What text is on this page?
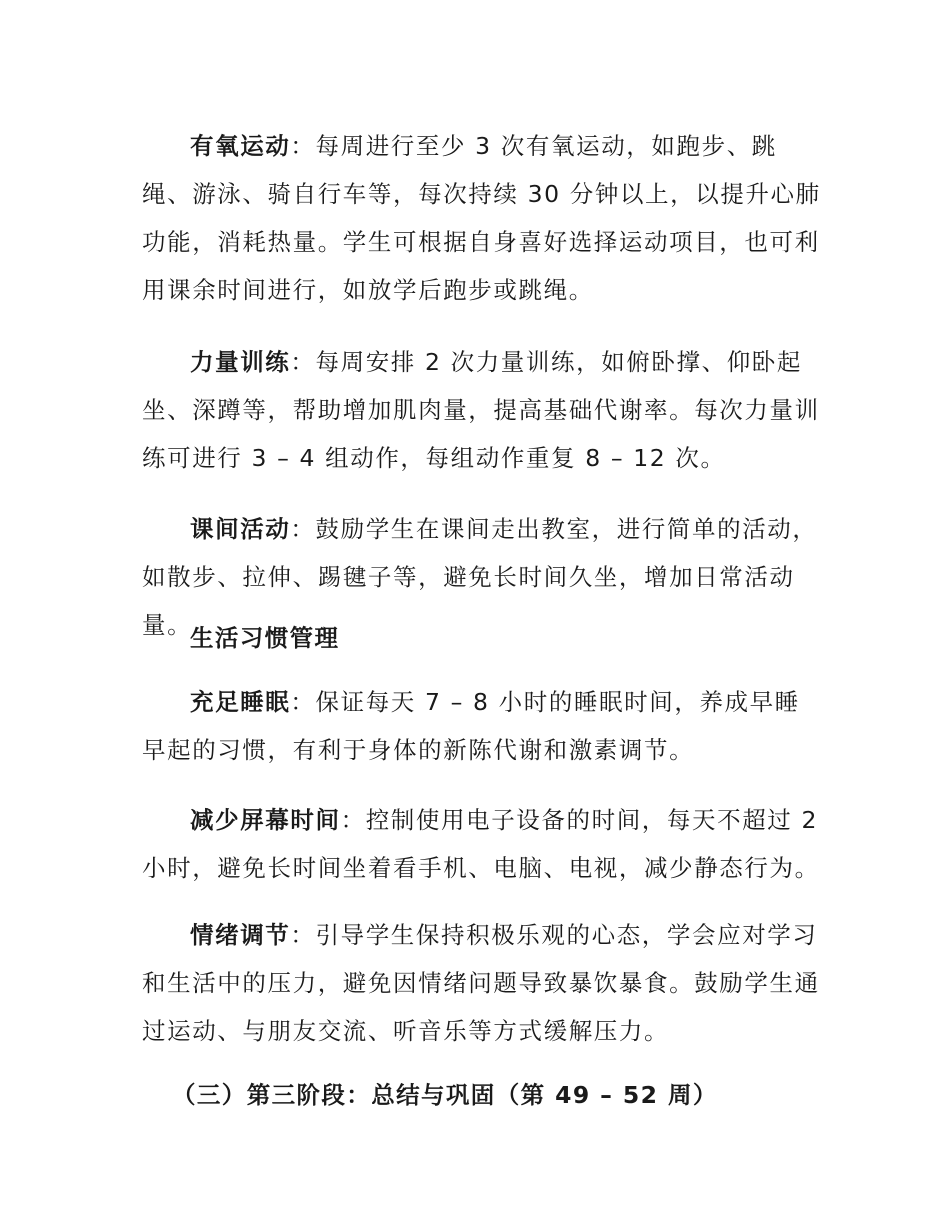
有氧运动：每周进行至少 3 次有氧运动，如跑步、跳绳、游泳、骑自行车等，每次持续 30 分钟以上，以提升心肺功能，消耗热量。学生可根据自身喜好选择运动项目，也可利用课余时间进行，如放学后跑步或跳绳。

力量训练：每周安排 2 次力量训练，如俯卧撑、仰卧起坐、深蹲等，帮助增加肌肉量，提高基础代谢率。每次力量训练可进行 3 – 4 组动作，每组动作重复 8 – 12 次。

课间活动：鼓励学生在课间走出教室，进行简单的活动，如散步、拉伸、踢毽子等，避免长时间久坐，增加日常活动量。

生活习惯管理

充足睡眠：保证每天 7 – 8 小时的睡眠时间，养成早睡早起的习惯，有利于身体的新陈代谢和激素调节。

减少屏幕时间：控制使用电子设备的时间，每天不超过 2 小时，避免长时间坐着看手机、电脑、电视，减少静态行为。

情绪调节：引导学生保持积极乐观的心态，学会应对学习和生活中的压力，避免因情绪问题导致暴饮暴食。鼓励学生通过运动、与朋友交流、听音乐等方式缓解压力。

（三）第三阶段：总结与巩固（第 49 – 52 周）
